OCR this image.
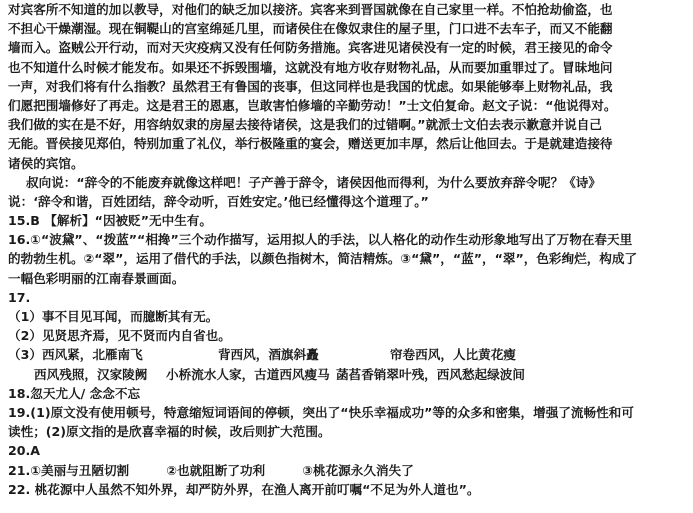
对宾客所不知道的加以教导，对他们的缺乏加以接济。宾客来到晋国就像在自己家里一样。不怕抢劫偷盗，也
不担心干燥潮湿。现在铜鞮山的宫室绵延几里，而诸侯住在像奴隶住的屋子里，门口进不去车子，而又不能翻
墙而入。盗贼公开行动，而对天灾疫病又没有任何防务措施。宾客进见诸侯没有一定的时候，君王接见的命令
也不知道什么时候才能发布。如果还不拆毁围墙，这就没有地方收存财物礼品，从而要加重罪过了。冒昧地问
一声，对我们将有什么指教？虽然君王有鲁国的丧事，但这同样也是我国的忧虑。如果能够奉上财物礼品，我
们愿把围墙修好了再走。这是君王的恩惠，岂敢害怕修墙的辛勤劳动！”士文伯复命。赵文子说：“他说得对。
我们做的实在是不好，用容纳奴隶的房屋去接待诸侯，这是我们的过错啊。”就派士文伯去表示歉意并说自己
无能。晋侯接见郑伯，特别加重了礼仪，举行极隆重的宴会，赠送更加丰厚，然后让他回去。于是就建造接待
诸侯的宾馆。
叔向说：“辞令的不能废弃就像这样吧！子产善于辞令，诸侯因他而得利，为什么要放弃辞令呢？《诗》
说：‘辞令和谐，百姓团结，辞令动听，百姓安定。’他已经懂得这个道理了。”
15.B 【解析】“因被贬”无中生有。
16.①“波黛”、“拨蓝”“相搀”三个动作描写，运用拟人的手法，以人格化的动作生动形象地写出了万物在春天里
的勃勃生机。②“翠”，运用了借代的手法，以颜色指树木，简洁精炼。③“黛”，“蓝”，“翠”，色彩绚烂，构成了
一幅色彩明丽的江南春景画面。
17.
（1）事不目见耳闻，而臆断其有无。
（2）见贤思齐焉，见不贤而内自省也。
（3）西风紧，北雁南飞	背西风，酒旗斜矗	帘卷西风，人比黄花瘦
西风残照，汉家陵阙 小桥流水人家，古道西风瘦马 菡萏香销翠叶残，西风愁起绿波间
18.忽天尤人/ 念念不忘
19.(1)原文没有使用顿号，特意缩短词语间的停顿，突出了“快乐幸福成功”等的众多和密集，增强了流畅性和可
读性；(2)原文指的是欣喜幸福的时候，改后则扩大范围。
20.A
21.①美丽与丑陋切割	②也就阻断了功利	③桃花源永久消失了
22. 桃花源中人虽然不知外界，却严防外界，在渔人离开前叮嘱“不足为外人道也”。
